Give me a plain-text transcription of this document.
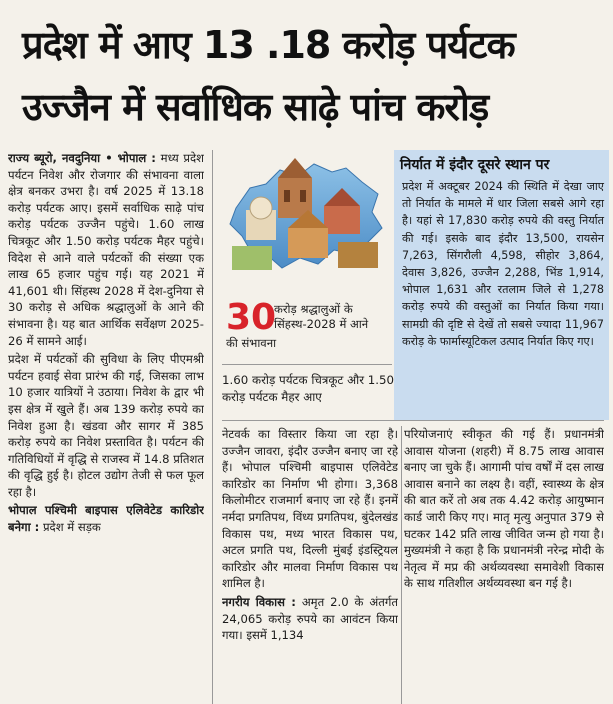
प्रदेश में आए 13 .18 करोड़ पर्यटक
उज्जैन में सर्वाधिक साढ़े पांच करोड़

राज्य ब्यूरो, नवदुनिया • भोपाल : मध्य प्रदेश पर्यटन निवेश और रोजगार की संभावना वाला क्षेत्र बनकर उभरा है। वर्ष 2025 में 13.18 करोड़ पर्यटक आए। इसमें सर्वाधिक साढ़े पांच करोड़ पर्यटक उज्जैन पहुंचे। 1.60 लाख चित्रकूट और 1.50 करोड़ पर्यटक मैहर पहुंचे। विदेश से आने वाले पर्यटकों की संख्या एक लाख 65 हजार पहुंच गई। यह 2021 में 41,601 थी। सिंहस्थ 2028 में देश-दुनिया से 30 करोड़ से अधिक श्रद्धालुओं के आने की संभावना है। यह बात आर्थिक सर्वेक्षण 2025-26 में सामने आई।

प्रदेश में पर्यटकों की सुविधा के लिए पीएमश्री पर्यटन हवाई सेवा प्रारंभ की गई, जिसका लाभ 10 हजार यात्रियों ने उठाया। निवेश के द्वार भी इस क्षेत्र में खुले हैं। अब 139 करोड़ रुपये का निवेश हुआ है। खंडवा और सागर में 385 करोड़ रुपये का निवेश प्रस्तावित है। पर्यटन की गतिविधियों में वृद्धि से राजस्व में 14.8 प्रतिशत की वृद्धि हुई है। होटल उद्योग तेजी से फल फूल रहा है।

भोपाल पश्चिमी बाइपास एलिवेटेड कारिडोर बनेगा : प्रदेश में सड़क

30
करोड़ श्रद्धालुओं के सिंहस्थ-2028 में आने
की संभावना
1.60 करोड़ पर्यटक चित्रकूट और 1.50 करोड़ पर्यटक मैहर आए
निर्यात में इंदौर दूसरे स्थान पर
प्रदेश में अक्टूबर 2024 की स्थिति में देखा जाए तो निर्यात के मामले में धार जिला सबसे आगे रहा है। यहां से 17,830 करोड़ रुपये की वस्तु निर्यात की गई। इसके बाद इंदौर 13,500, रायसेन 7,263, सिंगरौली 4,598, सीहोर 3,864, देवास 3,826, उज्जैन 2,288, भिंड 1,914, भोपाल 1,631 और रतलाम जिले से 1,278 करोड़ रुपये की वस्तुओं का निर्यात किया गया। सामग्री की दृष्टि से देखें तो सबसे ज्यादा 11,967 करोड़ के फार्मास्यूटिकल उत्पाद निर्यात किए गए।

नेटवर्क का विस्तार किया जा रहा है। उज्जैन जावरा, इंदौर उज्जैन बनाए जा रहे हैं। भोपाल पश्चिमी बाइपास एलिवेटेड कारिडोर का निर्माण भी होगा। 3,368 किलोमीटर राजमार्ग बनाए जा रहे हैं। इनमें नर्मदा प्रगतिपथ, विंध्य प्रगतिपथ, बुंदेलखंड विकास पथ, मध्य भारत विकास पथ, अटल प्रगति पथ, दिल्ली मुंबई इंडस्ट्रियल कारिडोर और मालवा निर्माण विकास पथ शामिल है।

नगरीय विकास : अमृत 2.0 के अंतर्गत 24,065 करोड़ रुपये का आवंटन किया गया। इसमें 1,134

परियोजनाएं स्वीकृत की गई हैं। प्रधानमंत्री आवास योजना (शहरी) में 8.75 लाख आवास बनाए जा चुके हैं। आगामी पांच वर्षों में दस लाख आवास बनाने का लक्ष्य है। वहीं, स्वास्थ्य के क्षेत्र की बात करें तो अब तक 4.42 करोड़ आयुष्मान कार्ड जारी किए गए। मातृ मृत्यु अनुपात 379 से घटकर 142 प्रति लाख जीवित जन्म हो गया है। मुख्यमंत्री ने कहा है कि प्रधानमंत्री नरेन्द्र मोदी के नेतृत्व में मप्र की अर्थव्यवस्था समावेशी विकास के साथ गतिशील अर्थव्यवस्था बन गई है।
